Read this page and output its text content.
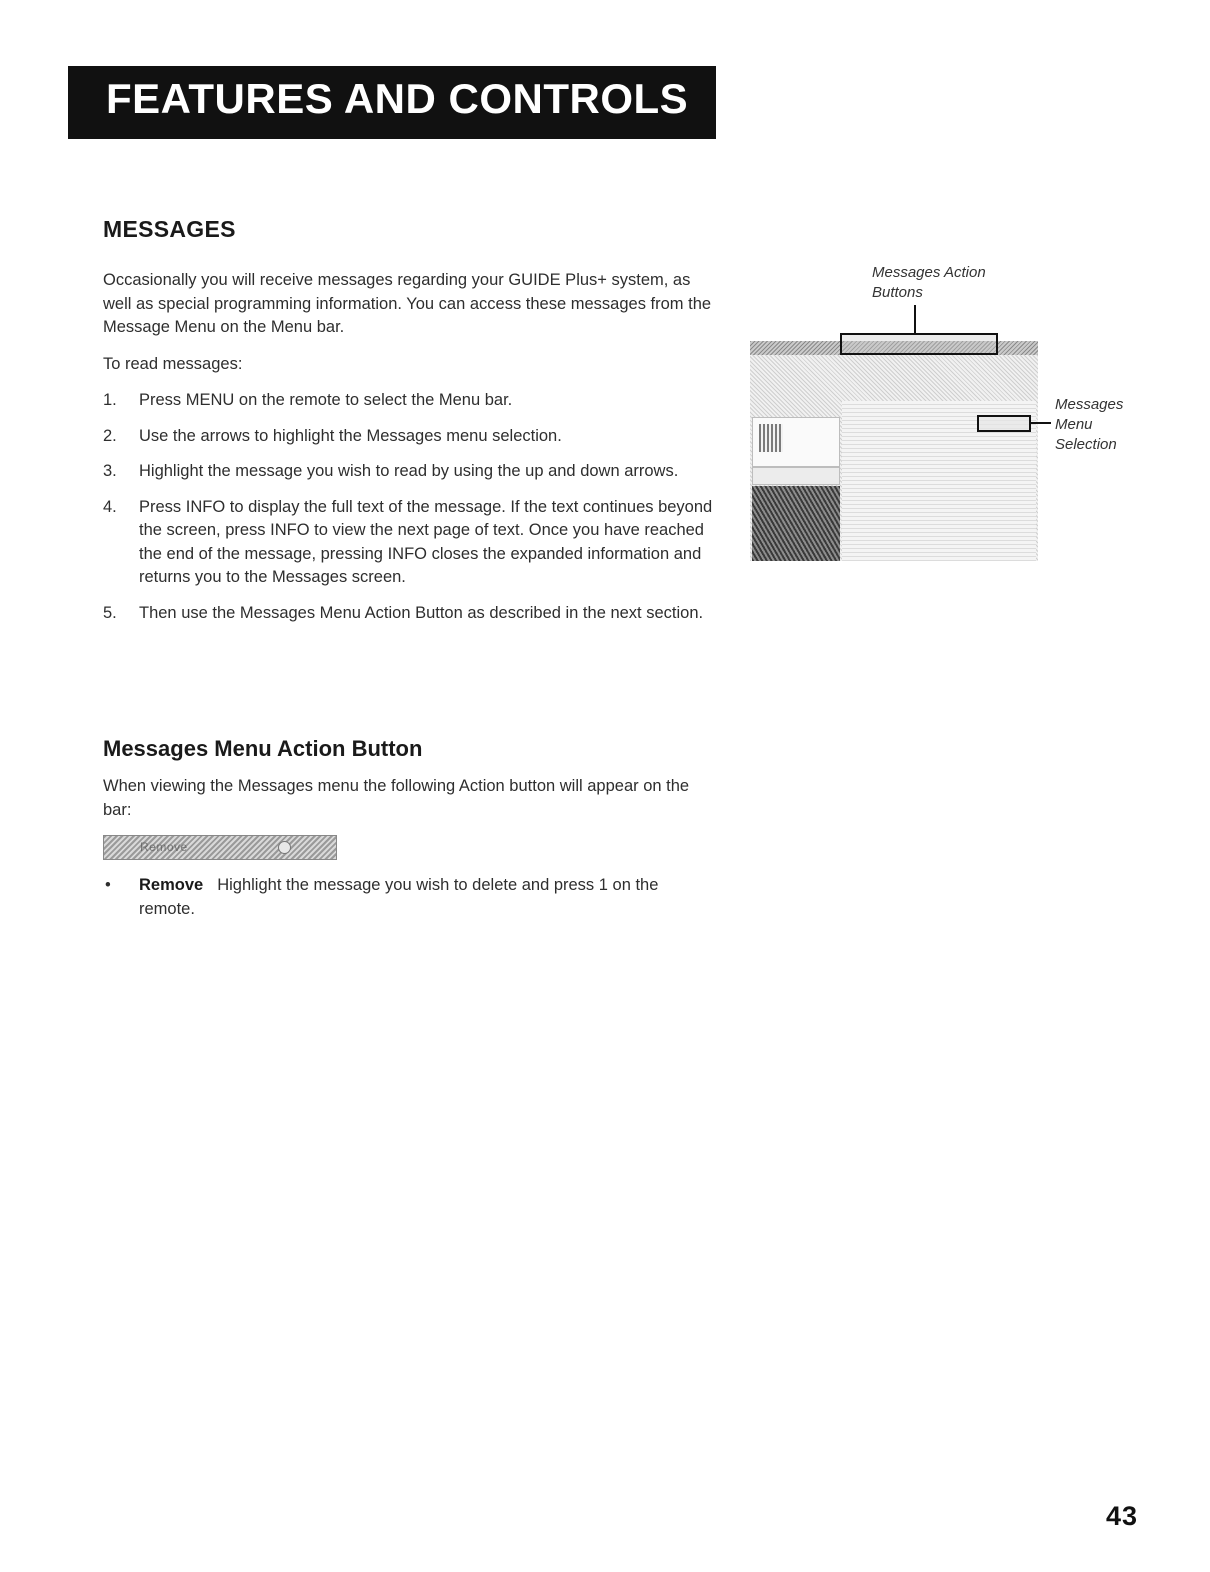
FEATURES AND CONTROLS
MESSAGES
Occasionally you will receive messages regarding your GUIDE Plus+ system, as well as special programming information. You can access these messages from the Message Menu on the Menu bar.
To read messages:
1. Press MENU on the remote to select the Menu bar.
2. Use the arrows to highlight the Messages menu selection.
3. Highlight the message you wish to read by using the up and down arrows.
4. Press INFO to display the full text of the message. If the text continues beyond the screen, press INFO to view the next page of text. Once you have reached the end of the message, pressing INFO closes the expanded information and returns you to the Messages screen.
5. Then use the Messages Menu Action Button as described in the next section.
Messages Menu Action Button
When viewing the Messages menu the following Action button will appear on the bar:
Remove
• Remove Highlight the message you wish to delete and press 1 on the remote.
Messages Action Buttons
Messages Menu Selection
43
